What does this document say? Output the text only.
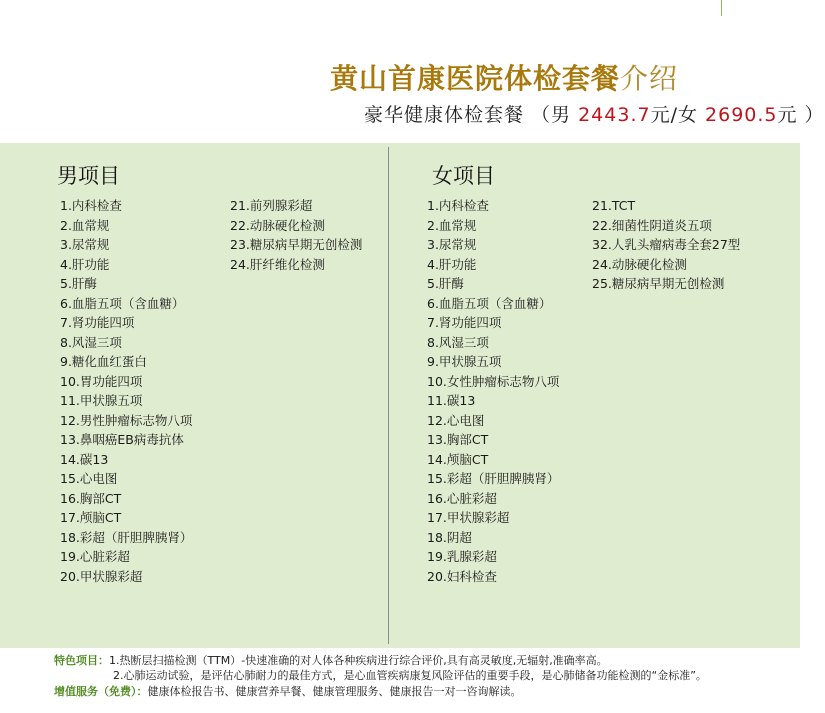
黄山首康医院体检套餐介绍
豪华健康体检套餐 （男 2443.7元/女 2690.5元 ）
男项目
1.内科检查
2.血常规
3.尿常规
4.肝功能
5.肝酶
6.血脂五项（含血糖）
7.肾功能四项
8.风湿三项
9.糖化血红蛋白
10.胃功能四项
11.甲状腺五项
12.男性肿瘤标志物八项
13.鼻咽癌EB病毒抗体
14.碳13
15.心电图
16.胸部CT
17.颅脑CT
18.彩超（肝胆脾胰肾）
19.心脏彩超
20.甲状腺彩超
21.前列腺彩超
22.动脉硬化检测
23.糖尿病早期无创检测
24.肝纤维化检测
女项目
1.内科检查
2.血常规
3.尿常规
4.肝功能
5.肝酶
6.血脂五项（含血糖）
7.肾功能四项
8.风湿三项
9.甲状腺五项
10.女性肿瘤标志物八项
11.碳13
12.心电图
13.胸部CT
14.颅脑CT
15.彩超（肝胆脾胰肾）
16.心脏彩超
17.甲状腺彩超
18.阴超
19.乳腺彩超
20.妇科检查
21.TCT
22.细菌性阴道炎五项
32.人乳头瘤病毒全套27型
24.动脉硬化检测
25.糖尿病早期无创检测
特色项目：1.热断层扫描检测（TTM）-快速准确的对人体各种疾病进行综合评价,具有高灵敏度,无辐射,准确率高。
2.心肺运动试验，是评估心肺耐力的最佳方式，是心血管疾病康复风险评估的重要手段，是心肺储备功能检测的“金标准”。
增值服务（免费）：健康体检报告书、健康营养早餐、健康管理服务、健康报告一对一咨询解读。
